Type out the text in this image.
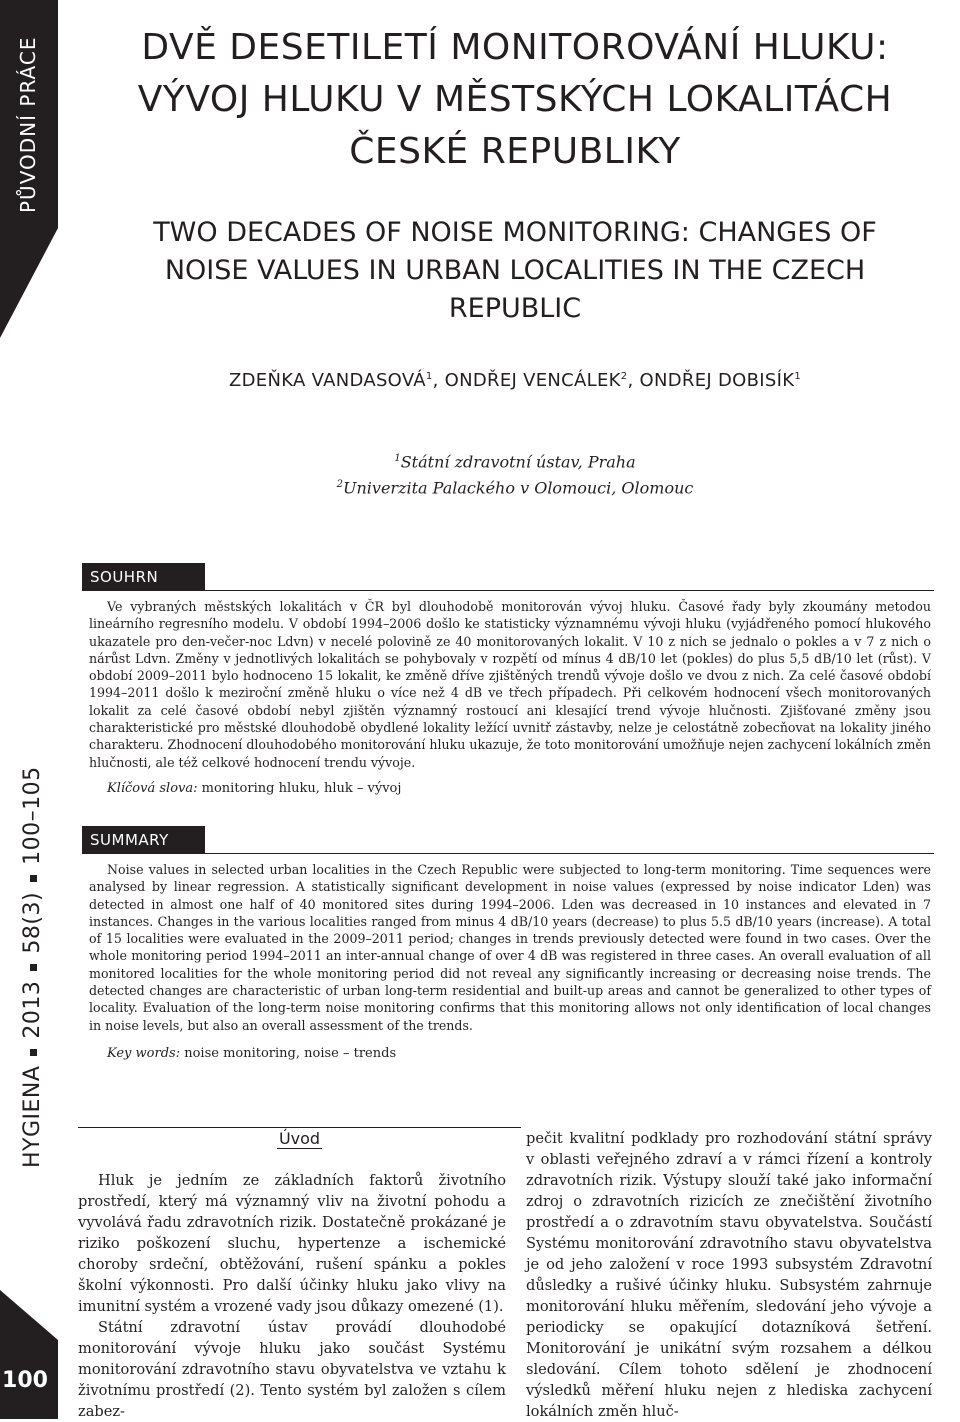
PŮVODNÍ PRÁCE
HYGIENA201358(3)100–105
100
DVĚ DESETILETÍ MONITOROVÁNÍ HLUKU:
VÝVOJ HLUKU V MĚSTSKÝCH LOKALITÁCH
ČESKÉ REPUBLIKY
TWO DECADES OF NOISE MONITORING: CHANGES OF
NOISE VALUES IN URBAN LOCALITIES IN THE CZECH
REPUBLIC
ZDEŇKA VANDASOVÁ$^1$, ONDŘEJ VENCÁLEK$^2$, ONDŘEJ DOBISÍK$^1$
$^1$Státní zdravotní ústav, Praha
$^2$Univerzita Palackého v Olomouci, Olomouc
SOUHRN

Ve vybraných městských lokalitách v ČR byl dlouhodobě monitorován vývoj hluku. Časové řady byly zkoumány metodou lineárního regresního modelu. V období 1994–2006 došlo ke statisticky významnému vývoji hluku (vyjádřeného pomocí hlukového ukazatele pro den-večer-noc Ldvn) v necelé polovině ze 40 monitorovaných lokalit. V 10 z nich se jednalo o pokles a v 7 z nich o nárůst Ldvn. Změny v jednotlivých lokalitách se pohybovaly v rozpětí od mínus 4 dB/10 let (pokles) do plus 5,5 dB/10 let (růst). V období 2009–2011 bylo hodnoceno 15 lokalit, ke změně dříve zjištěných trendů vývoje došlo ve dvou z nich. Za celé časové období 1994–2011 došlo k meziroční změně hluku o více než 4 dB ve třech případech. Při celkovém hodnocení všech monitorovaných lokalit za celé časové období nebyl zjištěn významný rostoucí ani klesající trend vývoje hlučnosti. Zjišťované změny jsou charakteristické pro městské dlouhodobě obydlené lokality ležící uvnitř zástavby, nelze je celostátně zobecňovat na lokality jiného charakteru. Zhodnocení dlouhodobého monitorování hluku ukazuje, že toto monitorování umožňuje nejen zachycení lokálních změn hlučnosti, ale též celkové hodnocení trendu vývoje.

Klíčová slova: monitoring hluku, hluk – vývoj
SUMMARY

Noise values in selected urban localities in the Czech Republic were subjected to long-term monitoring. Time sequences were analysed by linear regression. A statistically significant development in noise values (expressed by noise indicator Lden) was detected in almost one half of 40 monitored sites during 1994–2006. Lden was decreased in 10 instances and elevated in 7 instances. Changes in the various localities ranged from minus 4 dB/10 years (decrease) to plus 5.5 dB/10 years (increase). A total of 15 localities were evaluated in the 2009–2011 period; changes in trends previously detected were found in two cases. Over the whole monitoring period 1994–2011 an inter-annual change of over 4 dB was registered in three cases. An overall evaluation of all monitored localities for the whole monitoring period did not reveal any significantly increasing or decreasing noise trends. The detected changes are characteristic of urban long-term residential and built-up areas and cannot be generalized to other types of locality. Evaluation of the long-term noise monitoring confirms that this monitoring allows not only identification of local changes in noise levels, but also an overall assessment of the trends.

Key words: noise monitoring, noise – trends
Úvod

Hluk je jedním ze základních faktorů životního prostředí, který má významný vliv na životní pohodu a vyvolává řadu zdravotních rizik. Dostatečně prokázané je riziko poškození sluchu, hypertenze a ischemické choroby srdeční, obtěžování, rušení spánku a pokles školní výkonnosti. Pro další účinky hluku jako vlivy na imunitní systém a vrozené vady jsou důkazy omezené (1).

Státní zdravotní ústav provádí dlouhodobé monitorování vývoje hluku jako součást Systému monitorování zdravotního stavu obyvatelstva ve vztahu k životnímu prostředí (2). Tento systém byl založen s cílem zabez-

pečit kvalitní podklady pro rozhodování státní správy v oblasti veřejného zdraví a v rámci řízení a kontroly zdravotních rizik. Výstupy slouží také jako informační zdroj o zdravotních rizicích ze znečištění životního prostředí a o zdravotním stavu obyvatelstva. Součástí Systému monitorování zdravotního stavu obyvatelstva je od jeho založení v roce 1993 subsystém Zdravotní důsledky a rušivé účinky hluku. Subsystém zahrnuje monitorování hluku měřením, sledování jeho vývoje a periodicky se opakující dotazníková šetření. Monitorování je unikátní svým rozsahem a délkou sledování. Cílem tohoto sdělení je zhodnocení výsledků měření hluku nejen z hlediska zachycení lokálních změn hluč-
